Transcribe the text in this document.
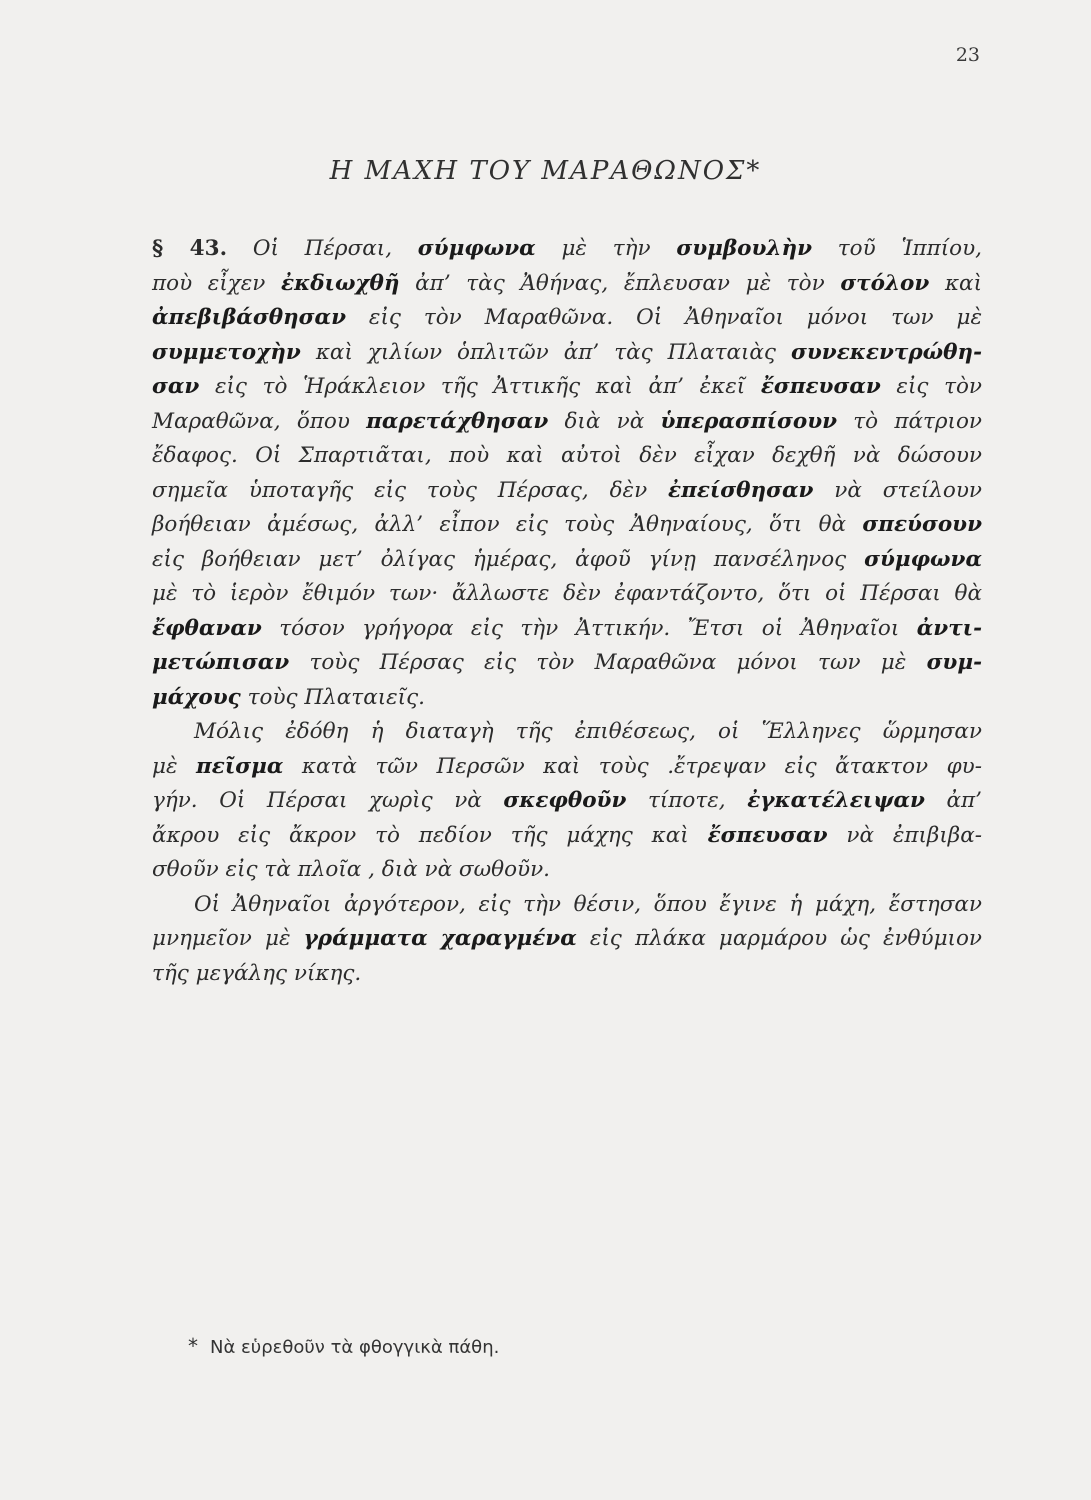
23
Η ΜΑΧΗ ΤΟΥ ΜΑΡΑΘΩΝΟΣ*
§ 43. Οἱ Πέρσαι, σύμφωνα μὲ τὴν συμβουλὴν τοῦ Ἱππίου,
ποὺ εἶχεν ἐκδιωχθῆ ἀπ’ τὰς Ἀθήνας, ἔπλευσαν μὲ τὸν στόλον καὶ
ἀπεβιβάσθησαν εἰς τὸν Μαραθῶνα. Οἱ Ἀθηναῖοι μόνοι των μὲ
συμμετοχὴν καὶ χιλίων ὁπλιτῶν ἀπ’ τὰς Πλαταιὰς συνεκεντρώθη-
σαν εἰς τὸ Ἡράκλειον τῆς Ἀττικῆς καὶ ἀπ’ ἐκεῖ ἔσπευσαν εἰς τὸν
Μαραθῶνα, ὅπου παρετάχθησαν διὰ νὰ ὑπερασπίσουν τὸ πάτριον
ἔδαφος. Οἱ Σπαρτιᾶται, ποὺ καὶ αὐτοὶ δὲν εἶχαν δεχθῆ νὰ δώσουν
σημεῖα ὑποταγῆς εἰς τοὺς Πέρσας, δὲν ἐπείσθησαν νὰ στείλουν
βοήθειαν ἀμέσως, ἀλλ’ εἶπον εἰς τοὺς Ἀθηναίους, ὅτι θὰ σπεύσουν
εἰς βοήθειαν μετ’ ὀλίγας ἡμέρας, ἀφοῦ γίνῃ πανσέληνος σύμφωνα
μὲ τὸ ἱερὸν ἔθιμόν των· ἄλλωστε δὲν ἐφαντάζοντο, ὅτι οἱ Πέρσαι θὰ
ἔφθαναν τόσον γρήγορα εἰς τὴν Ἀττικήν. Ἔτσι οἱ Ἀθηναῖοι ἀντι-
μετώπισαν τοὺς Πέρσας εἰς τὸν Μαραθῶνα μόνοι των μὲ συμ-
μάχους τοὺς Πλαταιεῖς.
Μόλις ἐδόθη ἡ διαταγὴ τῆς ἐπιθέσεως, οἱ Ἕλληνες ὥρμησαν
μὲ πεῖσμα κατὰ τῶν Περσῶν καὶ τοὺς .ἔτρεψαν εἰς ἄτακτον φυ-
γήν. Οἱ Πέρσαι χωρὶς νὰ σκεφθοῦν τίποτε, ἐγκατέλειψαν ἀπ’
ἄκρου εἰς ἄκρον τὸ πεδίον τῆς μάχης καὶ ἔσπευσαν νὰ ἐπιβιβα-
σθοῦν εἰς τὰ πλοῖα , διὰ νὰ σωθοῦν.
Οἱ Ἀθηναῖοι ἀργότερον, εἰς τὴν θέσιν, ὅπου ἔγινε ἡ μάχη, ἔστησαν
μνημεῖον μὲ γράμματα χαραγμένα εἰς πλάκα μαρμάρου ὡς ἐνθύμιον
τῆς μεγάλης νίκης.
* Νὰ εὑρεθοῦν τὰ φθογγικὰ πάθη.
